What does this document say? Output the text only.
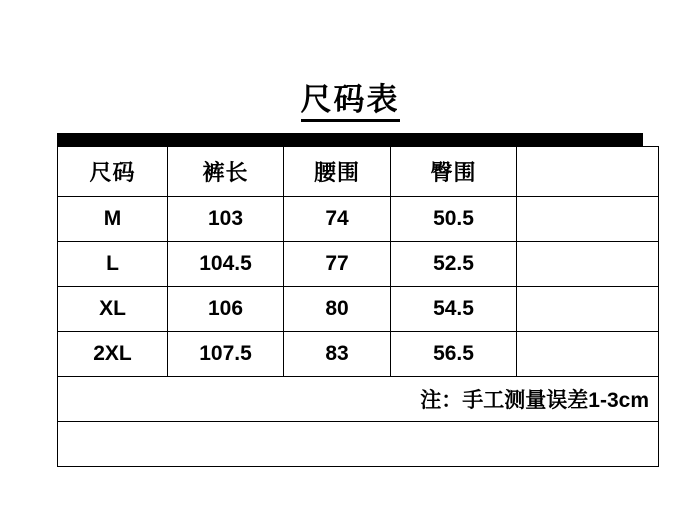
尺码表
尺码	裤长	腰围	臀围	
M	103	74	50.5	
L	104.5	77	52.5	
XL	106	80	54.5	
2XL	107.5	83	56.5	
注：手工测量误差1-3cm				
